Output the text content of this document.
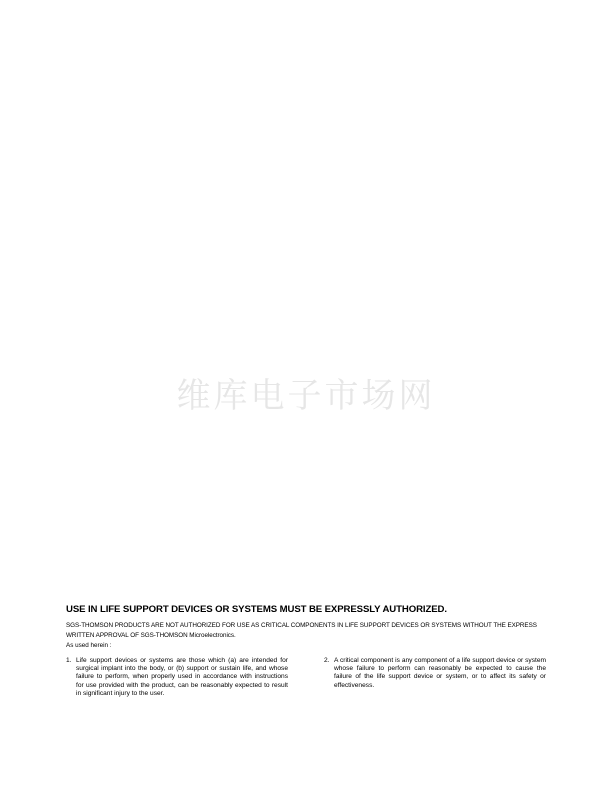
维库电子市场网
USE IN LIFE SUPPORT DEVICES OR SYSTEMS MUST BE EXPRESSLY AUTHORIZED.

SGS-THOMSON PRODUCTS ARE NOT AUTHORIZED FOR USE AS CRITICAL COMPONENTS IN LIFE SUPPORT DEVICES OR SYSTEMS WITHOUT THE EXPRESS WRITTEN APPROVAL OF SGS-THOMSON Microelectronics.

As used herein :

1. Life support devices or systems are those which (a) are intended for surgical implant into the body, or (b) support or sustain life, and whose failure to perform, when properly used in accordance with instructions for use provided with the product, can be reasonably expected to result in significant injury to the user.
2. A critical component is any component of a life support device or system whose failure to perform can reasonably be expected to cause the failure of the life support device or system, or to affect its safety or effectiveness.
